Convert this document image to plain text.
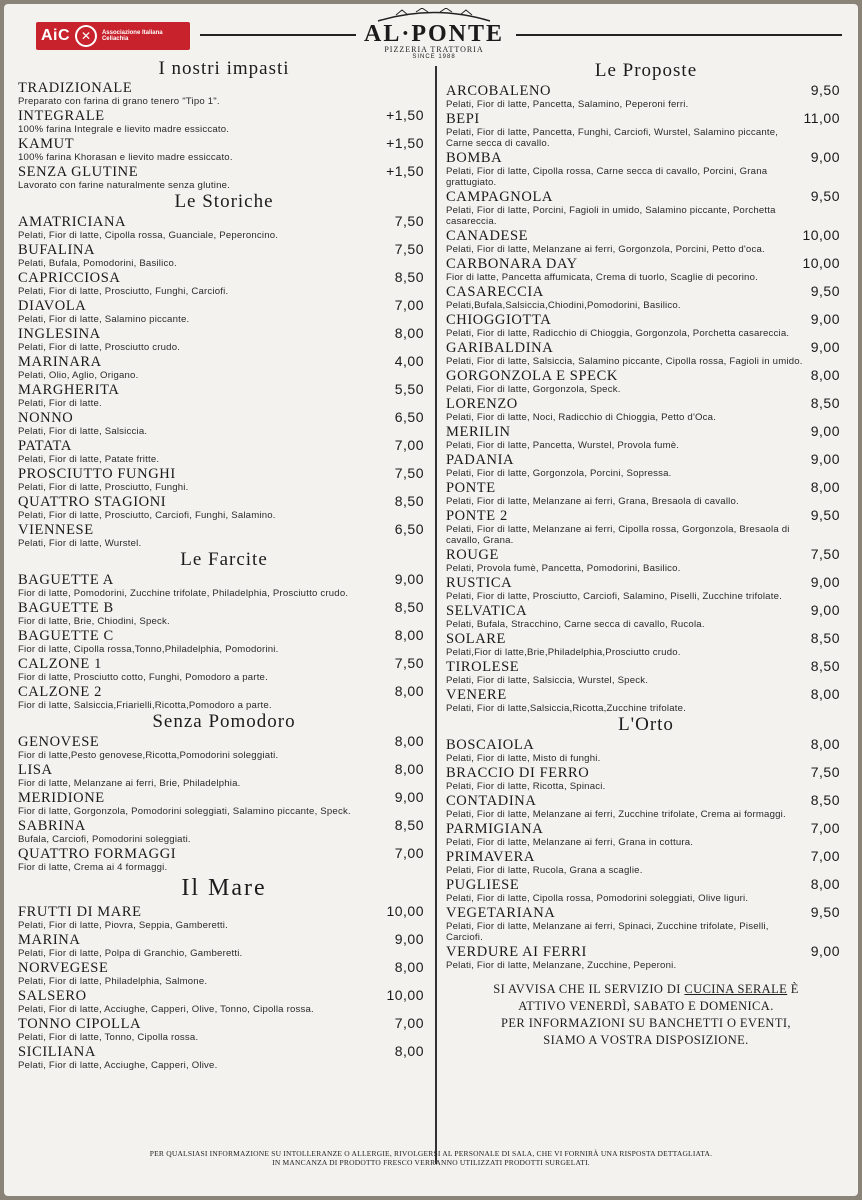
AiC ✕	Associazione Italiana Celiachia	AL·PONTE
PIZZERIA TRATTORIA
SINCE 1988
I nostri impasti
TRADIZIONALE
Preparato con farina di grano tenero "Tipo 1".
INTEGRALE	+1,50
100% farina Integrale e lievito madre essiccato.
KAMUT	+1,50
100% farina Khorasan e lievito madre essiccato.
SENZA GLUTINE	+1,50
Lavorato con farine naturalmente senza glutine.
Le Storiche
AMATRICIANA	7,50
Pelati, Fior di latte, Cipolla rossa, Guanciale, Peperoncino.
BUFALINA	7,50
Pelati, Bufala, Pomodorini, Basilico.
CAPRICCIOSA	8,50
Pelati, Fior di latte, Prosciutto, Funghi, Carciofi.
DIAVOLA	7,00
Pelati, Fior di latte, Salamino piccante.
INGLESINA	8,00
Pelati, Fior di latte, Prosciutto crudo.
MARINARA	4,00
Pelati, Olio, Aglio, Origano.
MARGHERITA	5,50
Pelati, Fior di latte.
NONNO	6,50
Pelati, Fior di latte, Salsiccia.
PATATA	7,00
Pelati, Fior di latte, Patate fritte.
PROSCIUTTO FUNGHI	7,50
Pelati, Fior di latte, Prosciutto, Funghi.
QUATTRO STAGIONI	8,50
Pelati, Fior di latte, Prosciutto, Carciofi, Funghi, Salamino.
VIENNESE	6,50
Pelati, Fior di latte, Wurstel.
Le Farcite
BAGUETTE A	9,00
Fior di latte, Pomodorini, Zucchine trifolate, Philadelphia, Prosciutto crudo.
BAGUETTE B	8,50
Fior di latte, Brie, Chiodini, Speck.
BAGUETTE C	8,00
Fior di latte, Cipolla rossa,Tonno,Philadelphia, Pomodorini.
CALZONE 1	7,50
Fior di latte, Prosciutto cotto, Funghi, Pomodoro a parte.
CALZONE 2	8,00
Fior di latte, Salsiccia,Friarielli,Ricotta,Pomodoro a parte.
Senza Pomodoro
GENOVESE	8,00
Fior di latte,Pesto genovese,Ricotta,Pomodorini soleggiati.
LISA	8,00
Fior di latte, Melanzane ai ferri, Brie, Philadelphia.
MERIDIONE	9,00
Fior di latte, Gorgonzola, Pomodorini soleggiati, Salamino piccante, Speck.
SABRINA	8,50
Bufala, Carciofi, Pomodorini soleggiati.
QUATTRO FORMAGGI	7,00
Fior di latte, Crema ai 4 formaggi.
Il Mare
FRUTTI DI MARE	10,00
Pelati, Fior di latte, Piovra, Seppia, Gamberetti.
MARINA	9,00
Pelati, Fior di latte, Polpa di Granchio, Gamberetti.
NORVEGESE	8,00
Pelati, Fior di latte, Philadelphia, Salmone.
SALSERO	10,00
Pelati, Fior di latte, Acciughe, Capperi, Olive, Tonno, Cipolla rossa.
TONNO CIPOLLA	7,00
Pelati, Fior di latte, Tonno, Cipolla rossa.
SICILIANA	8,00
Pelati, Fior di latte, Acciughe, Capperi, Olive.
Le Proposte
ARCOBALENO	9,50
Pelati, Fior di latte, Pancetta, Salamino, Peperoni ferri.
BEPI	11,00
Pelati, Fior di latte, Pancetta, Funghi, Carciofi, Wurstel, Salamino piccante, Carne secca di cavallo.
BOMBA	9,00
Pelati, Fior di latte, Cipolla rossa, Carne secca di cavallo, Porcini, Grana grattugiato.
CAMPAGNOLA	9,50
Pelati, Fior di latte, Porcini, Fagioli in umido, Salamino piccante, Porchetta casareccia.
CANADESE	10,00
Pelati, Fior di latte, Melanzane ai ferri, Gorgonzola, Porcini, Petto d'oca.
CARBONARA DAY	10,00
Fior di latte, Pancetta affumicata, Crema di tuorlo, Scaglie di pecorino.
CASARECCIA	9,50
Pelati,Bufala,Salsiccia,Chiodini,Pomodorini, Basilico.
CHIOGGIOTTA	9,00
Pelati, Fior di latte, Radicchio di Chioggia, Gorgonzola, Porchetta casareccia.
GARIBALDINA	9,00
Pelati, Fior di latte, Salsiccia, Salamino piccante, Cipolla rossa, Fagioli in umido.
GORGONZOLA E SPECK	8,00
Pelati, Fior di latte, Gorgonzola, Speck.
LORENZO	8,50
Pelati, Fior di latte, Noci, Radicchio di Chioggia, Petto d'Oca.
MERILIN	9,00
Pelati, Fior di latte, Pancetta, Wurstel, Provola fumè.
PADANIA	9,00
Pelati, Fior di latte, Gorgonzola, Porcini, Sopressa.
PONTE	8,00
Pelati, Fior di latte, Melanzane ai ferri, Grana, Bresaola di cavallo.
PONTE 2	9,50
Pelati, Fior di latte, Melanzane ai ferri, Cipolla rossa, Gorgonzola, Bresaola di cavallo, Grana.
ROUGE	7,50
Pelati, Provola fumè, Pancetta, Pomodorini, Basilico.
RUSTICA	9,00
Pelati, Fior di latte, Prosciutto, Carciofi, Salamino, Piselli, Zucchine trifolate.
SELVATICA	9,00
Pelati, Bufala, Stracchino, Carne secca di cavallo, Rucola.
SOLARE	8,50
Pelati,Fior di latte,Brie,Philadelphia,Prosciutto crudo.
TIROLESE	8,50
Pelati, Fior di latte, Salsiccia, Wurstel, Speck.
VENERE	8,00
Pelati, Fior di latte,Salsiccia,Ricotta,Zucchine trifolate.
L'Orto
BOSCAIOLA	8,00
Pelati, Fior di latte, Misto di funghi.
BRACCIO DI FERRO	7,50
Pelati, Fior di latte, Ricotta, Spinaci.
CONTADINA	8,50
Pelati, Fior di latte, Melanzane ai ferri, Zucchine trifolate, Crema ai formaggi.
PARMIGIANA	7,00
Pelati, Fior di latte, Melanzane ai ferri, Grana in cottura.
PRIMAVERA	7,00
Pelati, Fior di latte, Rucola, Grana a scaglie.
PUGLIESE	8,00
Pelati, Fior di latte, Cipolla rossa, Pomodorini soleggiati, Olive liguri.
VEGETARIANA	9,50
Pelati, Fior di latte, Melanzane ai ferri, Spinaci, Zucchine trifolate, Piselli, Carciofi.
VERDURE AI FERRI	9,00
Pelati, Fior di latte, Melanzane, Zucchine, Peperoni.
SI AVVISA CHE IL SERVIZIO DI CUCINA SERALE È
ATTIVO VENERDÌ, SABATO E DOMENICA.
PER INFORMAZIONI SU BANCHETTI O EVENTI,
SIAMO A VOSTRA DISPOSIZIONE.
PER QUALSIASI INFORMAZIONE SU INTOLLERANZE O ALLERGIE, RIVOLGERSI AL PERSONALE DI SALA, CHE VI FORNIRÀ UNA RISPOSTA DETTAGLIATA.
IN MANCANZA DI PRODOTTO FRESCO VERRANNO UTILIZZATI PRODOTTI SURGELATI.
